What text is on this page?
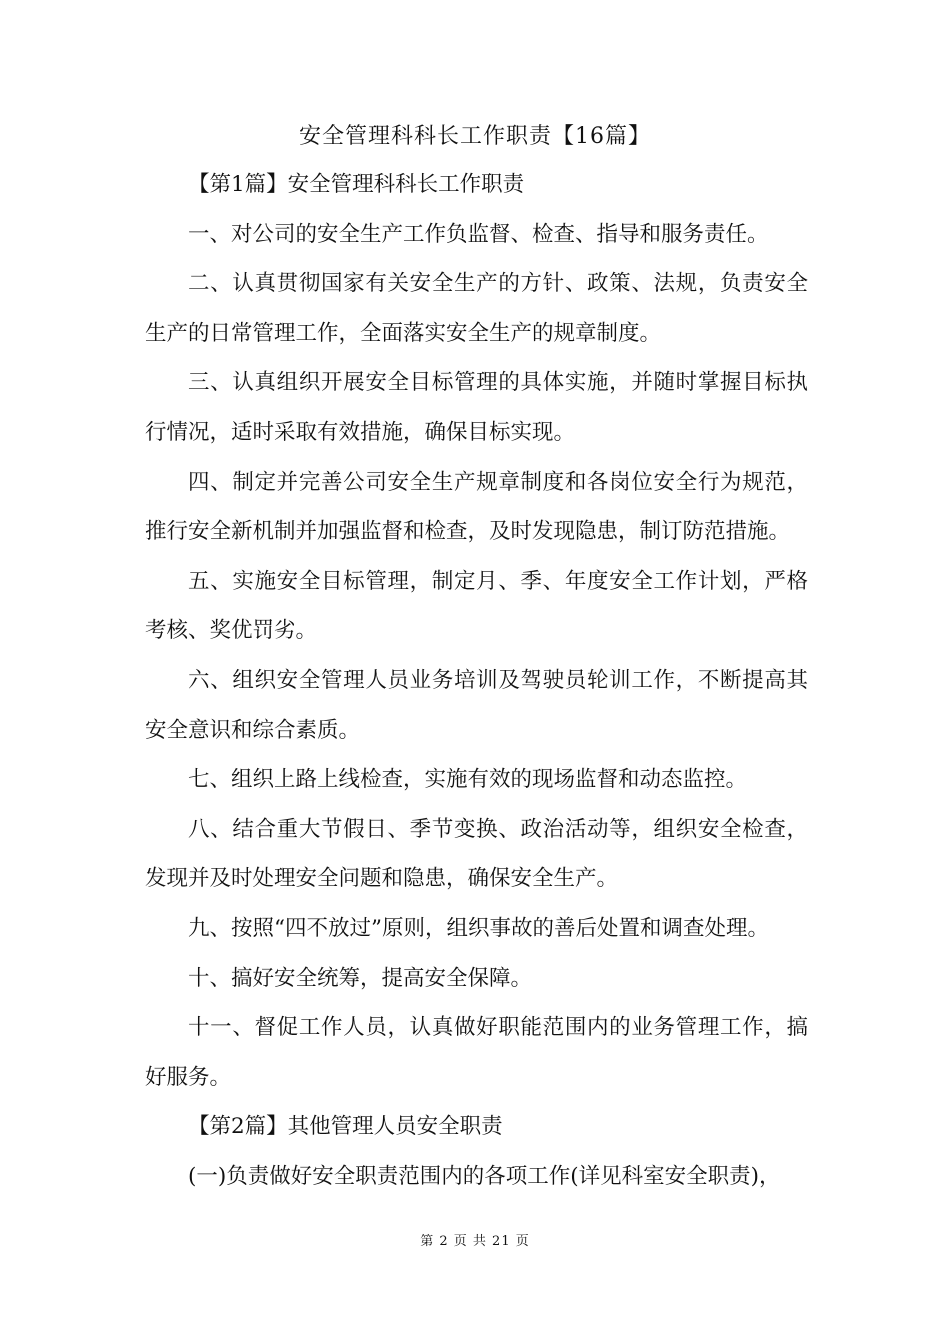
安全管理科科长工作职责【16篇】

【第1篇】安全管理科科长工作职责

一、对公司的安全生产工作负监督、检查、指导和服务责任。

二、认真贯彻国家有关安全生产的方针、政策、法规，负责安全生产的日常管理工作，全面落实安全生产的规章制度。

三、认真组织开展安全目标管理的具体实施，并随时掌握目标执行情况，适时采取有效措施，确保目标实现。

四、制定并完善公司安全生产规章制度和各岗位安全行为规范，推行安全新机制并加强监督和检查，及时发现隐患，制订防范措施。

五、实施安全目标管理，制定月、季、年度安全工作计划，严格考核、奖优罚劣。

六、组织安全管理人员业务培训及驾驶员轮训工作，不断提高其安全意识和综合素质。

七、组织上路上线检查，实施有效的现场监督和动态监控。

八、结合重大节假日、季节变换、政治活动等，组织安全检查，发现并及时处理安全问题和隐患，确保安全生产。

九、按照“四不放过”原则，组织事故的善后处置和调查处理。

十、搞好安全统筹，提高安全保障。

十一、督促工作人员，认真做好职能范围内的业务管理工作，搞好服务。

【第2篇】其他管理人员安全职责

(一)负责做好安全职责范围内的各项工作(详见科室安全职责)，

第 2 页 共 21 页
